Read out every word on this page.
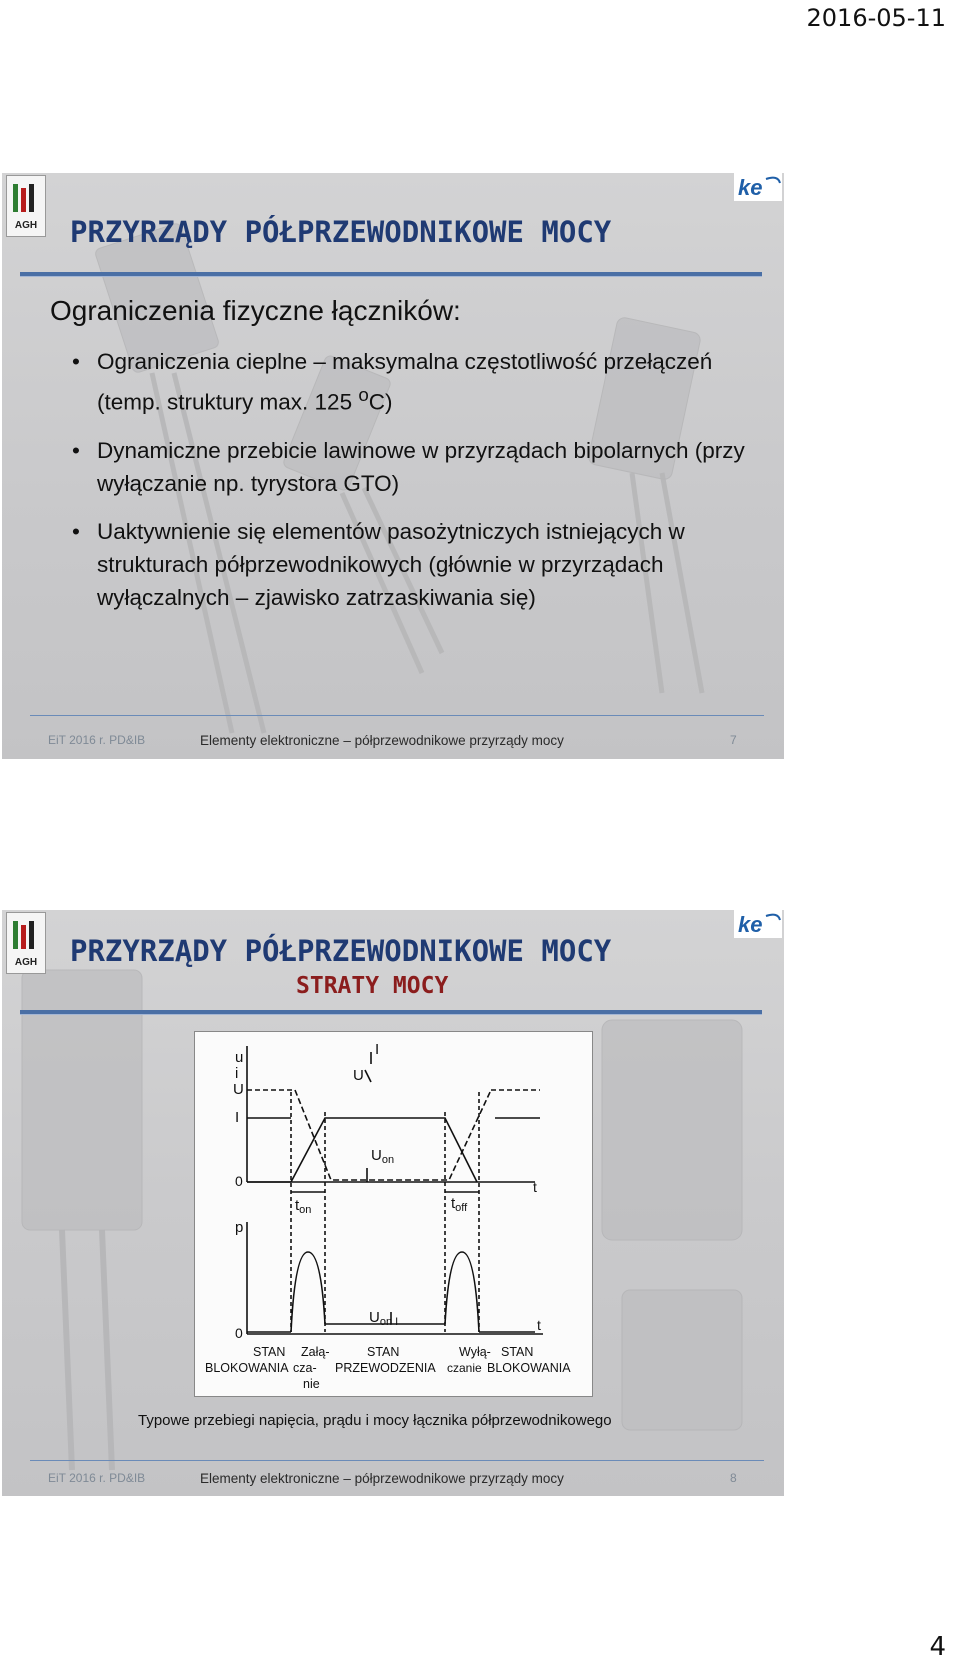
2016-05-11
AGH
ke
PRZYRZĄDY PÓŁPRZEWODNIKOWE MOCY
Ograniczenia fizyczne łączników:
• Ograniczenia cieplne – maksymalna częstotliwość przełączeń (temp. struktury max. 125 $^o$C)
• Dynamiczne przebicie lawinowe w przyrządach bipolarnych (przy wyłączanie np. tyrystora GTO)
• Uaktywnienie się elementów pasożytniczych istniejących w strukturach półprzewodnikowych (głównie w przyrządach wyłączalnych – zjawisko zatrzaskiwania się)
EiT 2016 r. PD&IB	Elementy elektroniczne – półprzewodnikowe przyrządy mocy	7
AGH
ke
PRZYRZĄDY PÓŁPRZEWODNIKOWE MOCY
STRATY MOCY
u
i
U
I
0	t
U
I
$U_{on}$
$t_{on}$	$t_{off}$
p
0	t
$U_{on I}$
STAN Załą-	STAN	Wyłą- STAN
BLOKOWANIA cza- PRZEWODZENIA czanie BLOKOWANIA
nie
Typowe przebiegi napięcia, prądu i mocy łącznika półprzewodnikowego
EiT 2016 r. PD&IB	Elementy elektroniczne – półprzewodnikowe przyrządy mocy	8
4
